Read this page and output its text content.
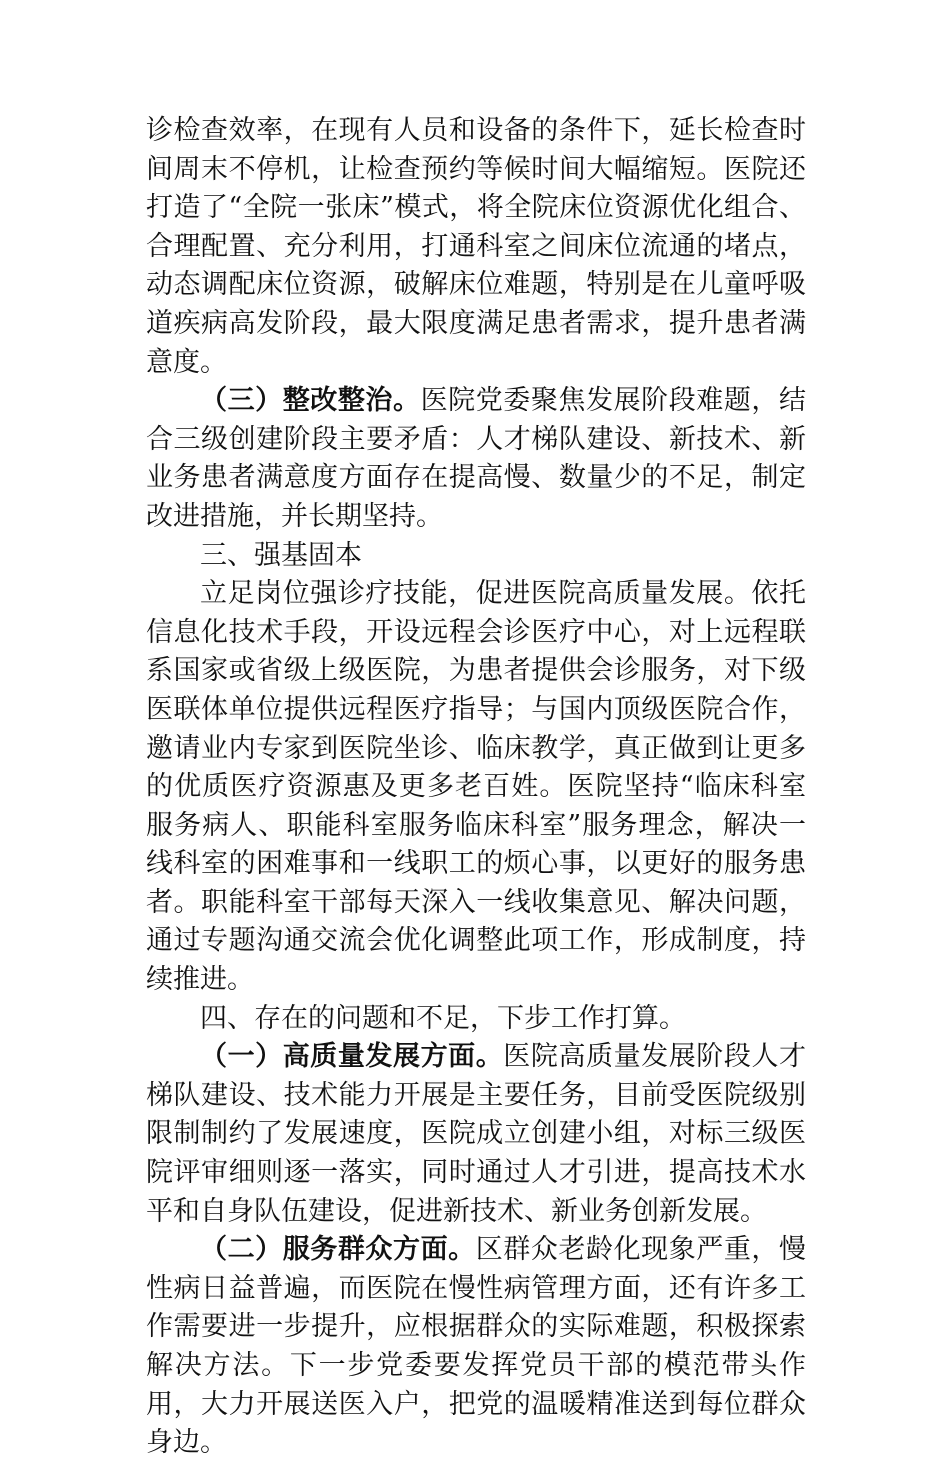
诊检查效率，在现有人员和设备的条件下，延长检查时间周末不停机，让检查预约等候时间大幅缩短。医院还打造了“全院一张床”模式，将全院床位资源优化组合、合理配置、充分利用，打通科室之间床位流通的堵点，动态调配床位资源，破解床位难题，特别是在儿童呼吸道疾病高发阶段，最大限度满足患者需求，提升患者满意度。

（三）整改整治。医院党委聚焦发展阶段难题，结合三级创建阶段主要矛盾：人才梯队建设、新技术、新业务患者满意度方面存在提高慢、数量少的不足，制定改进措施，并长期坚持。

三、强基固本

立足岗位强诊疗技能，促进医院高质量发展。依托信息化技术手段，开设远程会诊医疗中心，对上远程联系国家或省级上级医院，为患者提供会诊服务，对下级医联体单位提供远程医疗指导；与国内顶级医院合作，邀请业内专家到医院坐诊、临床教学，真正做到让更多的优质医疗资源惠及更多老百姓。医院坚持“临床科室服务病人、职能科室服务临床科室”服务理念，解决一线科室的困难事和一线职工的烦心事，以更好的服务患者。职能科室干部每天深入一线收集意见、解决问题，通过专题沟通交流会优化调整此项工作，形成制度，持续推进。

四、存在的问题和不足，下步工作打算。

（一）高质量发展方面。医院高质量发展阶段人才梯队建设、技术能力开展是主要任务，目前受医院级别限制制约了发展速度，医院成立创建小组，对标三级医院评审细则逐一落实，同时通过人才引进，提高技术水平和自身队伍建设，促进新技术、新业务创新发展。

（二）服务群众方面。区群众老龄化现象严重，慢性病日益普遍，而医院在慢性病管理方面，还有许多工作需要进一步提升，应根据群众的实际难题，积极探索解决方法。下一步党委要发挥党员干部的模范带头作用，大力开展送医入户，把党的温暖精准送到每位群众身边。
